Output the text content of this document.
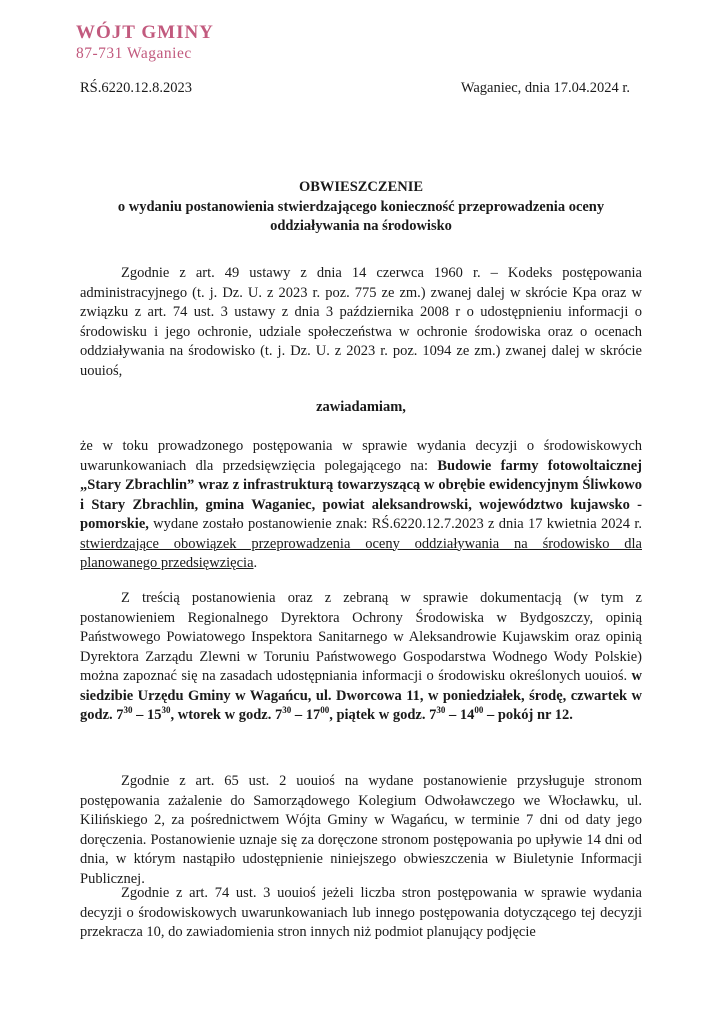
WÓJT GMINY
87-731 Waganiec
RŚ.6220.12.8.2023	Waganiec, dnia 17.04.2024 r.
OBWIESZCZENIE
o wydaniu postanowienia stwierdzającego konieczność przeprowadzenia oceny oddziaływania na środowisko

Zgodnie z art. 49 ustawy z dnia 14 czerwca 1960 r. – Kodeks postępowania administracyjnego (t. j. Dz. U. z 2023 r. poz. 775 ze zm.) zwanej dalej w skrócie Kpa oraz w związku z art. 74 ust. 3 ustawy z dnia 3 października 2008 r o udostępnieniu informacji o środowisku i jego ochronie, udziale społeczeństwa w ochronie środowiska oraz o ocenach oddziaływania na środowisko (t. j. Dz. U. z 2023 r. poz. 1094 ze zm.) zwanej dalej w skrócie uouioś,

zawiadamiam,

że w toku prowadzonego postępowania w sprawie wydania decyzji o środowiskowych uwarunkowaniach dla przedsięwzięcia polegającego na: Budowie farmy fotowoltaicznej „Stary Zbrachlin” wraz z infrastrukturą towarzyszącą w obrębie ewidencyjnym Śliwkowo i Stary Zbrachlin, gmina Waganiec, powiat aleksandrowski, województwo kujawsko - pomorskie, wydane zostało postanowienie znak: RŚ.6220.12.7.2023 z dnia 17 kwietnia 2024 r. stwierdzające obowiązek przeprowadzenia oceny oddziaływania na środowisko dla planowanego przedsięwzięcia.

Z treścią postanowienia oraz z zebraną w sprawie dokumentacją (w tym z postanowieniem Regionalnego Dyrektora Ochrony Środowiska w Bydgoszczy, opinią Państwowego Powiatowego Inspektora Sanitarnego w Aleksandrowie Kujawskim oraz opinią Dyrektora Zarządu Zlewni w Toruniu Państwowego Gospodarstwa Wodnego Wody Polskie) można zapoznać się na zasadach udostępniania informacji o środowisku określonych uouioś. w siedzibie Urzędu Gminy w Wagańcu, ul. Dworcowa 11, w poniedziałek, środę, czwartek w godz. $7^{30} - 15^{30}$, wtorek w godz. $7^{30} - 17^{00}$, piątek w godz. $7^{30} - 14^{00}$ – pokój nr 12.

Zgodnie z art. 65 ust. 2 uouioś na wydane postanowienie przysługuje stronom postępowania zażalenie do Samorządowego Kolegium Odwoławczego we Włocławku, ul. Kilińskiego 2, za pośrednictwem Wójta Gminy w Wagańcu, w terminie 7 dni od daty jego doręczenia. Postanowienie uznaje się za doręczone stronom postępowania po upływie 14 dni od dnia, w którym nastąpiło udostępnienie niniejszego obwieszczenia w Biuletynie Informacji Publicznej.

Zgodnie z art. 74 ust. 3 uouioś jeżeli liczba stron postępowania w sprawie wydania decyzji o środowiskowych uwarunkowaniach lub innego postępowania dotyczącego tej decyzji przekracza 10, do zawiadomienia stron innych niż podmiot planujący podjęcie
